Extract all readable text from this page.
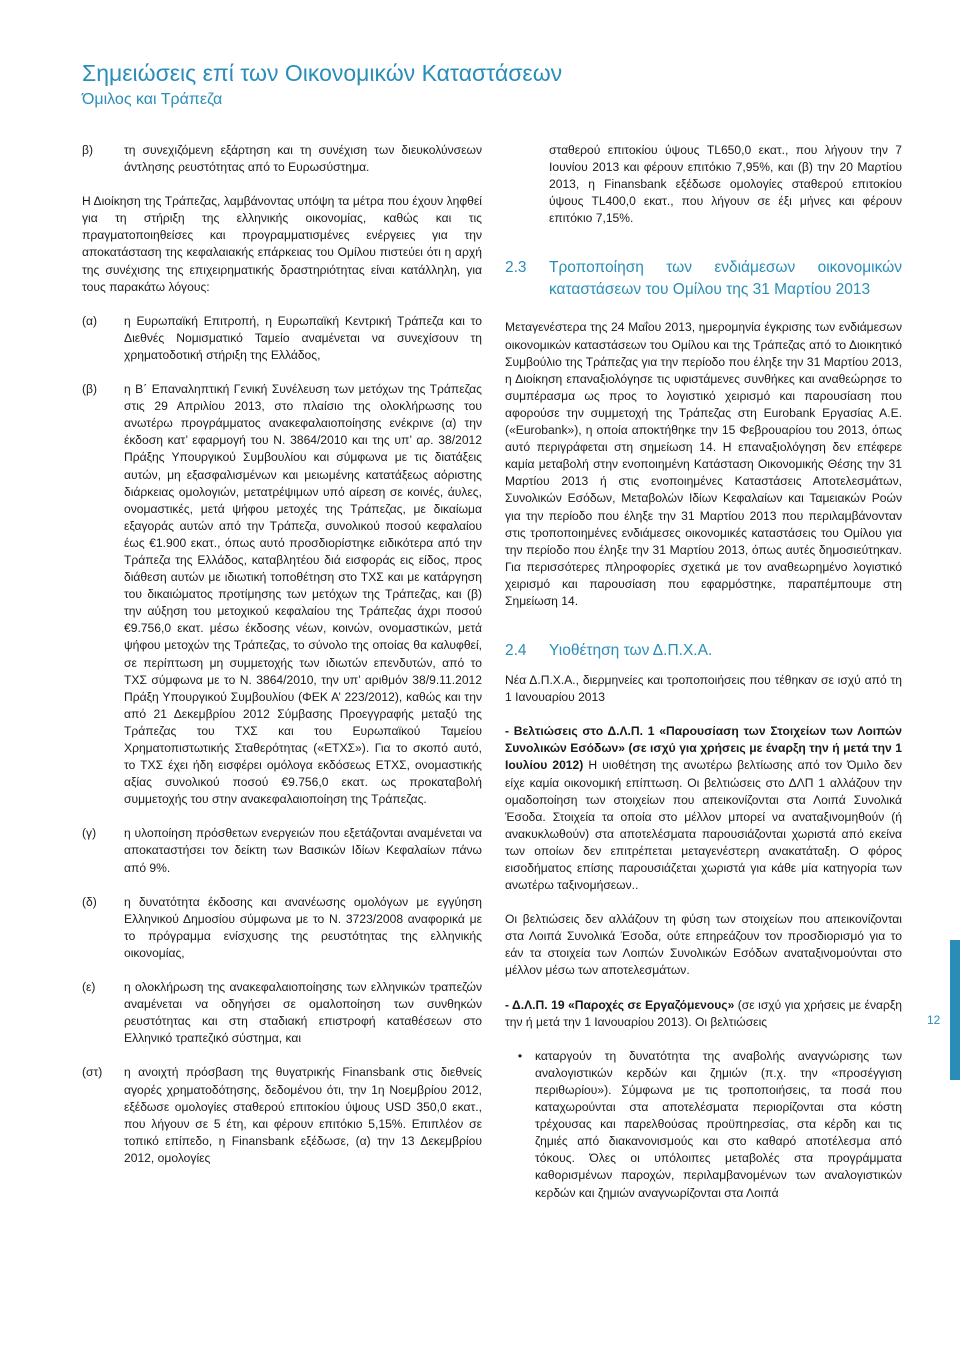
Σημειώσεις επί των Οικονομικών Καταστάσεων
Όμιλος και Τράπεζα
β)	τη συνεχιζόμενη εξάρτηση και τη συνέχιση των διευκολύνσεων άντλησης ρευστότητας από το Ευρωσύστημα.

Η Διοίκηση της Τράπεζας, λαμβάνοντας υπόψη τα μέτρα που έχουν ληφθεί για τη στήριξη της ελληνικής οικονομίας, καθώς και τις πραγματοποιηθείσες και προγραμματισμένες ενέργειες για την αποκατάσταση της κεφαλαιακής επάρκειας του Ομίλου πιστεύει ότι η αρχή της συνέχισης της επιχειρηματικής δραστηριότητας είναι κατάλληλη, για τους παρακάτω λόγους:

(α)	η Ευρωπαϊκή Επιτροπή, η Ευρωπαϊκή Κεντρική Τράπεζα και το Διεθνές Νομισματικό Ταμείο αναμένεται να συνεχίσουν τη χρηματοδοτική στήριξη της Ελλάδος,
(β)	η Β΄ Επαναληπτική Γενική Συνέλευση των μετόχων της Τράπεζας στις 29 Απριλίου 2013, στο πλαίσιο της ολοκλήρωσης του ανωτέρω προγράμματος ανακεφαλαιοποίησης ενέκρινε (α) την έκδοση κατ’ εφαρμογή του Ν. 3864/2010 και της υπ’ αρ. 38/2012 Πράξης Υπουργικού Συμβουλίου και σύμφωνα με τις διατάξεις αυτών, μη εξασφαλισμένων και μειωμένης κατατάξεως αόριστης διάρκειας ομολογιών, μετατρέψιμων υπό αίρεση σε κοινές, άυλες, ονομαστικές, μετά ψήφου μετοχές της Τράπεζας, με δικαίωμα εξαγοράς αυτών από την Τράπεζα, συνολικού ποσού κεφαλαίου έως €1.900 εκατ., όπως αυτό προσδιορίστηκε ειδικότερα από την Τράπεζα της Ελλάδος, καταβλητέου διά εισφοράς εις είδος, προς διάθεση αυτών με ιδιωτική τοποθέτηση στο ΤΧΣ και με κατάργηση του δικαιώματος προτίμησης των μετόχων της Τράπεζας, και (β) την αύξηση του μετοχικού κεφαλαίου της Τράπεζας άχρι ποσού €9.756,0 εκατ. μέσω έκδοσης νέων, κοινών, ονομαστικών, μετά ψήφου μετοχών της Τράπεζας, το σύνολο της οποίας θα καλυφθεί, σε περίπτωση μη συμμετοχής των ιδιωτών επενδυτών, από το ΤΧΣ σύμφωνα με το Ν. 3864/2010, την υπ’ αριθμόν 38/9.11.2012 Πράξη Υπουργικού Συμβουλίου (ΦΕΚ Α’ 223/2012), καθώς και την από 21 Δεκεμβρίου 2012 Σύμβασης Προεγγραφής μεταξύ της Τράπεζας του ΤΧΣ και του Ευρωπαϊκού Ταμείου Χρηματοπιστωτικής Σταθερότητας («ΕΤΧΣ»). Για το σκοπό αυτό, το ΤΧΣ έχει ήδη εισφέρει ομόλογα εκδόσεως ΕΤΧΣ, ονομαστικής αξίας συνολικού ποσού €9.756,0 εκατ. ως προκαταβολή συμμετοχής του στην ανακεφαλαιοποίηση της Τράπεζας.
(γ)	η υλοποίηση πρόσθετων ενεργειών που εξετάζονται αναμένεται να αποκαταστήσει τον δείκτη των Βασικών Ιδίων Κεφαλαίων πάνω από 9%.
(δ)	η δυνατότητα έκδοσης και ανανέωσης ομολόγων με εγγύηση Ελληνικού Δημοσίου σύμφωνα με το Ν. 3723/2008 αναφορικά με το πρόγραμμα ενίσχυσης της ρευστότητας της ελληνικής οικονομίας,
(ε)	η ολοκλήρωση της ανακεφαλαιοποίησης των ελληνικών τραπεζών αναμένεται να οδηγήσει σε ομαλοποίηση των συνθηκών ρευστότητας και στη σταδιακή επιστροφή καταθέσεων στο Ελληνικό τραπεζικό σύστημα, και
(στ)	η ανοιχτή πρόσβαση της θυγατρικής Finansbank στις διεθνείς αγορές χρηματοδότησης, δεδομένου ότι, την 1η Νοεμβρίου 2012, εξέδωσε ομολογίες σταθερού επιτοκίου ύψους USD 350,0 εκατ., που λήγουν σε 5 έτη, και φέρουν επιτόκιο 5,15%. Επιπλέον σε τοπικό επίπεδο, η Finansbank εξέδωσε, (α) την 13 Δεκεμβρίου 2012, ομολογίες

σταθερού επιτοκίου ύψους TL650,0 εκατ., που λήγουν την 7 Ιουνίου 2013 και φέρουν επιτόκιο 7,95%, και (β) την 20 Μαρτίου 2013, η Finansbank εξέδωσε ομολογίες σταθερού επιτοκίου ύψους TL400,0 εκατ., που λήγουν σε έξι μήνες και φέρουν επιτόκιο 7,15%.

2.3	Τροποποίηση των ενδιάμεσων οικονομικών καταστάσεων του Ομίλου της 31 Μαρτίου 2013

Μεταγενέστερα της 24 Μαΐου 2013, ημερομηνία έγκρισης των ενδιάμεσων οικονομικών καταστάσεων του Ομίλου και της Τράπεζας από το Διοικητικό Συμβούλιο της Τράπεζας για την περίοδο που έληξε την 31 Μαρτίου 2013, η Διοίκηση επαναξιολόγησε τις υφιστάμενες συνθήκες και αναθεώρησε το συμπέρασμα ως προς το λογιστικό χειρισμό και παρουσίαση που αφορούσε την συμμετοχή της Τράπεζας στη Eurobank Εργασίας Α.Ε. («Eurobank»), η οποία αποκτήθηκε την 15 Φεβρουαρίου του 2013, όπως αυτό περιγράφεται στη σημείωση 14. Η επαναξιολόγηση δεν επέφερε καμία μεταβολή στην ενοποιημένη Κατάσταση Οικονομικής Θέσης την 31 Μαρτίου 2013 ή στις ενοποιημένες Καταστάσεις Αποτελεσμάτων, Συνολικών Εσόδων, Μεταβολών Ιδίων Κεφαλαίων και Ταμειακών Ροών για την περίοδο που έληξε την 31 Μαρτίου 2013 που περιλαμβάνονταν στις τροποποιημένες ενδιάμεσες οικονομικές καταστάσεις του Ομίλου για την περίοδο που έληξε την 31 Μαρτίου 2013, όπως αυτές δημοσιεύτηκαν. Για περισσότερες πληροφορίες σχετικά με τον αναθεωρημένο λογιστικό χειρισμό και παρουσίαση που εφαρμόστηκε, παραπέμπουμε στη Σημείωση 14.

2.4	Υιοθέτηση των Δ.Π.Χ.Α.

Νέα Δ.Π.Χ.Α., διερμηνείες και τροποποιήσεις που τέθηκαν σε ισχύ από τη 1 Ιανουαρίου 2013

- Βελτιώσεις στο Δ.Λ.Π. 1 «Παρουσίαση των Στοιχείων των Λοιπών Συνολικών Εσόδων» (σε ισχύ για χρήσεις με έναρξη την ή μετά την 1 Ιουλίου 2012) Η υιοθέτηση της ανωτέρω βελτίωσης από τον Όμιλο δεν είχε καμία οικονομική επίπτωση. Οι βελτιώσεις στο ΔΛΠ 1 αλλάζουν την ομαδοποίηση των στοιχείων που απεικονίζονται στα Λοιπά Συνολικά Έσοδα. Στοιχεία τα οποία στο μέλλον μπορεί να αναταξινομηθούν (ή ανακυκλωθούν) στα αποτελέσματα παρουσιάζονται χωριστά από εκείνα των οποίων δεν επιτρέπεται μεταγενέστερη ανακατάταξη. Ο φόρος εισοδήματος επίσης παρουσιάζεται χωριστά για κάθε μία κατηγορία των ανωτέρω ταξινομήσεων..

Οι βελτιώσεις δεν αλλάζουν τη φύση των στοιχείων που απεικονίζονται στα Λοιπά Συνολικά Έσοδα, ούτε επηρεάζουν τον προσδιορισμό για το εάν τα στοιχεία των Λοιπών Συνολικών Εσόδων αναταξινομούνται στο μέλλον μέσω των αποτελεσμάτων.

- Δ.Λ.Π. 19 «Παροχές σε Εργαζόμενους» (σε ισχύ για χρήσεις με έναρξη την ή μετά την 1 Ιανουαρίου 2013). Οι βελτιώσεις

•	καταργούν τη δυνατότητα της αναβολής αναγνώρισης των αναλογιστικών κερδών και ζημιών (π.χ. την «προσέγγιση περιθωρίου»). Σύμφωνα με τις τροποποιήσεις, τα ποσά που καταχωρούνται στα αποτελέσματα περιορίζονται στα κόστη τρέχουσας και παρελθούσας προϋπηρεσίας, στα κέρδη και τις ζημιές από διακανονισμούς και στο καθαρό αποτέλεσμα από τόκους. Όλες οι υπόλοιπες μεταβολές στα προγράμματα καθορισμένων παροχών, περιλαμβανομένων των αναλογιστικών κερδών και ζημιών αναγνωρίζονται στα Λοιπά
12
